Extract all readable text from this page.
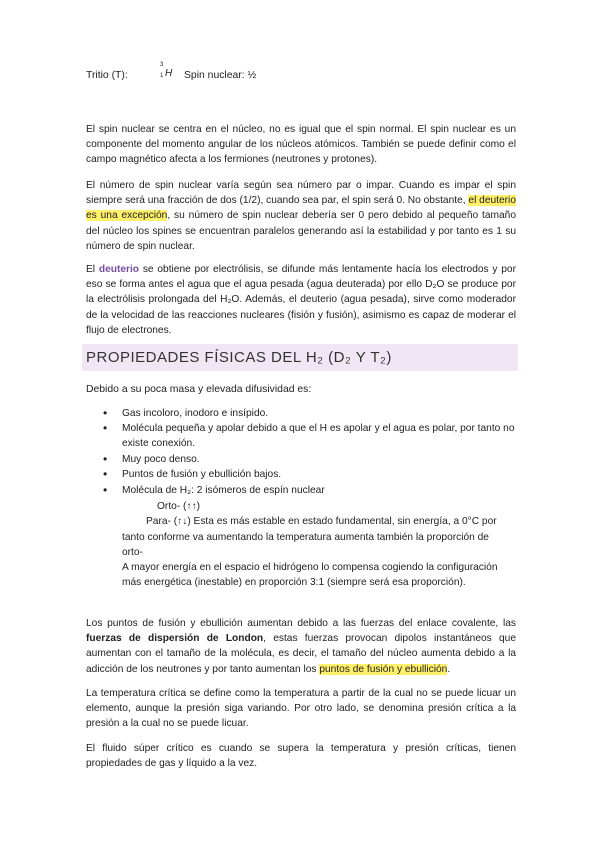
Tritio (T):
3
1 H Spin nuclear: ½
El spin nuclear se centra en el núcleo, no es igual que el spin normal. El spin nuclear es un componente del momento angular de los núcleos atómicos. También se puede definir como el campo magnético afecta a los fermiones (neutrones y protones).
El número de spin nuclear varía según sea número par o impar. Cuando es impar el spin siempre será una fracción de dos (1/2), cuando sea par, el spin será 0. No obstante, el deuterio es una excepción, su número de spin nuclear debería ser 0 pero debido al pequeño tamaño del núcleo los spines se encuentran paralelos generando así la estabilidad y por tanto es 1 su número de spin nuclear.
El deuterio se obtiene por electrólisis, se difunde más lentamente hacía los electrodos y por eso se forma antes el agua que el agua pesada (agua deuterada) por ello D₂O se produce por la electrólisis prolongada del H₂O. Además, el deuterio (agua pesada), sirve como moderador de la velocidad de las reacciones nucleares (fisión y fusión), asimismo es capaz de moderar el flujo de electrones.
PROPIEDADES FÍSICAS DEL H₂ (D₂ Y T₂)
Debido a su poca masa y elevada difusividad es:
• Gas incoloro, inodoro e insípido.
• Molécula pequeña y apolar debido a que el H es apolar y el agua es polar, por tanto no existe conexión.
• Muy poco denso.
• Puntos de fusión y ebullición bajos.
• Molécula de H₂: 2 isómeros de espín nuclear
Orto- (↑↑)
Para- (↑↓) Esta es más estable en estado fundamental, sin energía, a 0°C por
tanto conforme va aumentando la temperatura aumenta también la proporción de
orto-
A mayor energía en el espacio el hidrógeno lo compensa cogiendo la configuración
más energética (inestable) en proporción 3:1 (siempre será esa proporción).
Los puntos de fusión y ebullición aumentan debido a las fuerzas del enlace covalente, las fuerzas de dispersión de London, estas fuerzas provocan dipolos instantáneos que aumentan con el tamaño de la molécula, es decir, el tamaño del núcleo aumenta debido a la adicción de los neutrones y por tanto aumentan los puntos de fusión y ebullición.
La temperatura crítica se define como la temperatura a partir de la cual no se puede licuar un elemento, aunque la presión siga variando. Por otro lado, se denomina presión crítica a la presión a la cual no se puede licuar.
El fluido súper crítico es cuando se supera la temperatura y presión críticas, tienen propiedades de gas y líquido a la vez.
